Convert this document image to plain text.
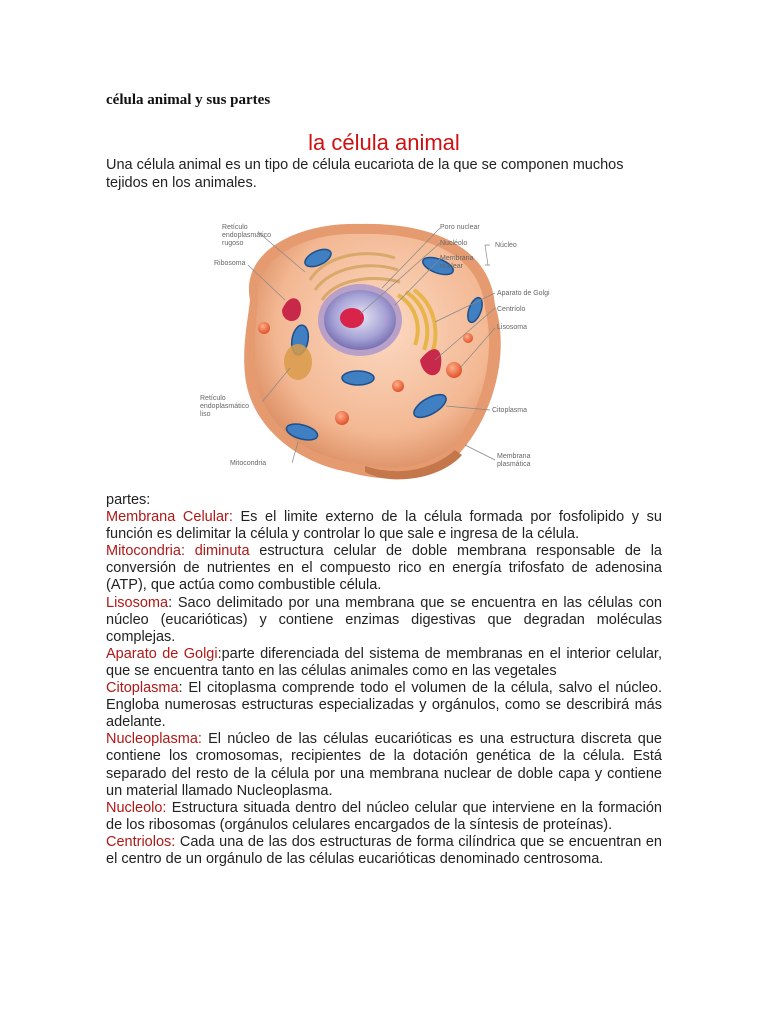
célula animal y sus partes
la célula animal

Una célula animal es un tipo de célula eucariota de la que se componen muchos tejidos en los animales.

Retículo
endoplasmático
rugoso
Ribosoma
Poro nuclear
Nucléolo	Núcleo
Membrana
nuclear
Aparato de Golgi
Centríolo
Lisosoma
Retículo
endoplasmático
liso
Citoplasma
Mitocondria
Membrana
plasmática

partes:

Membrana Celular: Es el limite externo de la célula formada por fosfolipido y su función es delimitar la célula y controlar lo que sale e ingresa de la célula.

Mitocondria: diminuta estructura celular de doble membrana responsable de la conversión de nutrientes en el compuesto rico en energía trifosfato de adenosina (ATP), que actúa como combustible célula.

Lisosoma: Saco delimitado por una membrana que se encuentra en las células con núcleo (eucarióticas) y contiene enzimas digestivas que degradan moléculas complejas.

Aparato de Golgi:parte diferenciada del sistema de membranas en el interior celular, que se encuentra tanto en las células animales como en las vegetales

Citoplasma: El citoplasma comprende todo el volumen de la célula, salvo el núcleo. Engloba numerosas estructuras especializadas y orgánulos, como se describirá más adelante.

Nucleoplasma: El núcleo de las células eucarióticas es una estructura discreta que contiene los cromosomas, recipientes de la dotación genética de la célula. Está separado del resto de la célula por una membrana nuclear de doble capa y contiene un material llamado Nucleoplasma.

Nucleolo: Estructura situada dentro del núcleo celular que interviene en la formación de los ribosomas (orgánulos celulares encargados de la síntesis de proteínas).

Centriolos: Cada una de las dos estructuras de forma cilíndrica que se encuentran en el centro de un orgánulo de las células eucarióticas denominado centrosoma.
